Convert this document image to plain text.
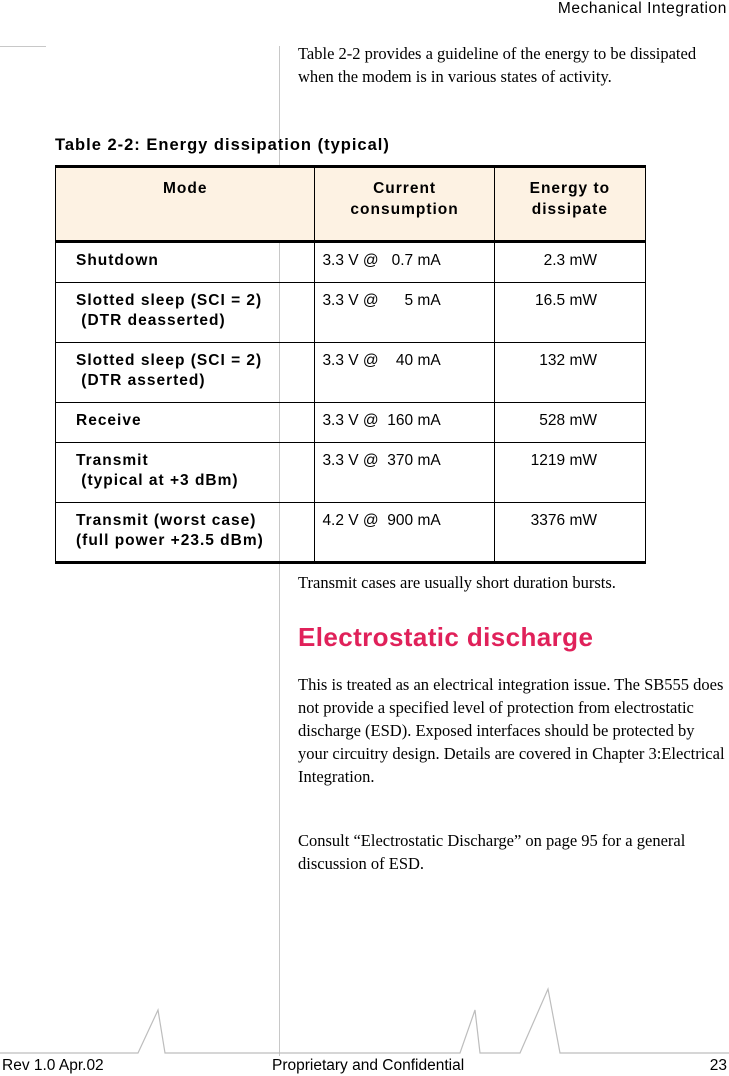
Mechanical Integration
Table 2-2 provides a guideline of the energy to be dissipated when the modem is in various states of activity.
Table 2-2: Energy dissipation (typical)
Mode	Current consumption	Energy to dissipate

Shutdown	3.3 V @   0.7 mA	2.3 mW

Slotted sleep (SCI = 2)
(DTR deasserted)	3.3 V @      5 mA	16.5 mW

Slotted sleep (SCI = 2)
(DTR asserted)	3.3 V @    40 mA	132 mW

Receive	3.3 V @  160 mA	528 mW

Transmit
(typical at +3 dBm)	3.3 V @  370 mA	1219 mW

Transmit (worst case)
(full power +23.5 dBm)	4.2 V @  900 mA	3376 mW
Transmit cases are usually short duration bursts.
Electrostatic discharge
This is treated as an electrical integration issue. The SB555 does not provide a specified level of protection from electrostatic discharge (ESD). Exposed interfaces should be protected by your circuitry design. Details are covered in Chapter 3:Electrical Integration.
Consult “Electrostatic Discharge” on page 95 for a general discussion of ESD.
Rev 1.0 Apr.02	Proprietary and Confidential	23
